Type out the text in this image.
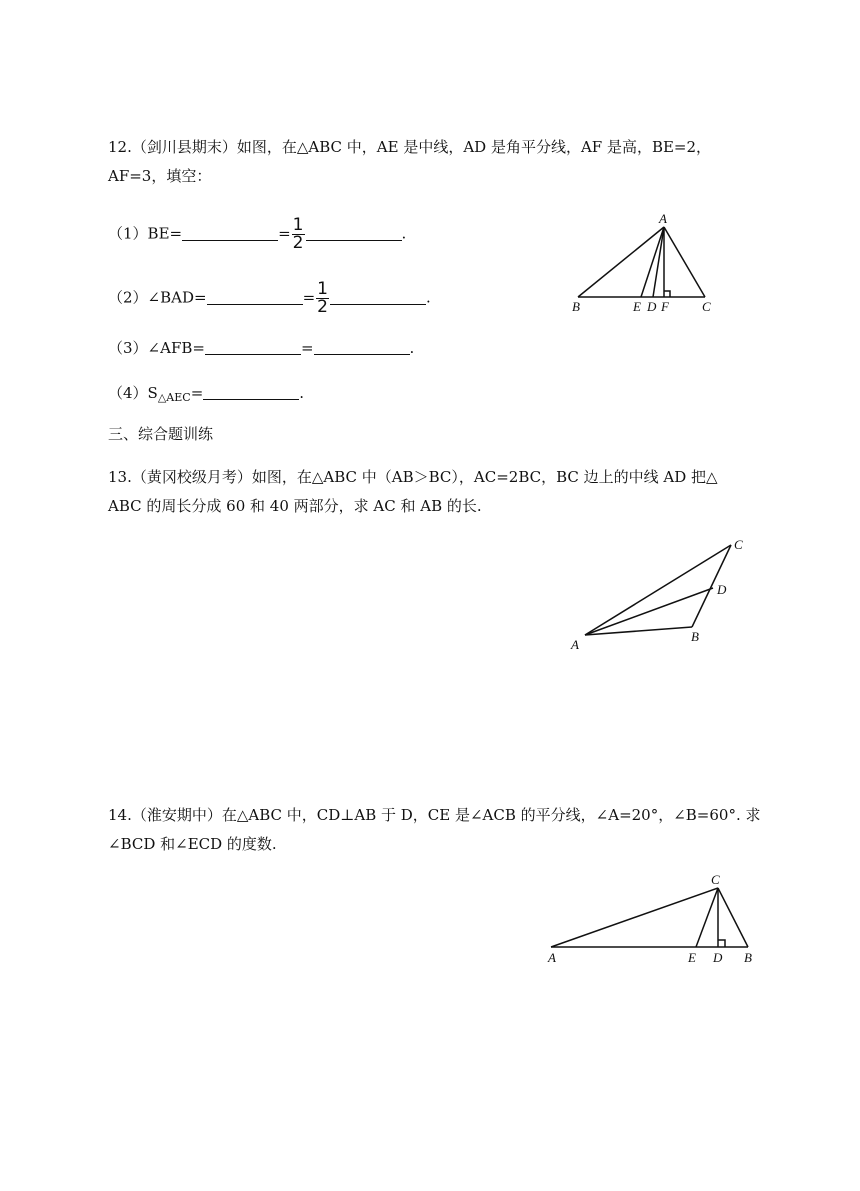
12.（剑川县期末）如图，在△ABC 中，AE 是中线，AD 是角平分线，AF 是高，BE=2，
AF=3，填空：
（1）BE=	= $\frac{1}{2}$	.
（2）∠BAD=	= $\frac{1}{2}$	.
（3）∠AFB=	=	.
$(4)S_{\triangle AEC}=$	.
A
B	E D F	C
三、综合题训练
13.（黄冈校级月考）如图，在△ABC 中（AB＞BC），AC=2BC，BC 边上的中线 AD 把△
ABC 的周长分成 60 和 40 两部分，求 AC 和 AB 的长.
A
B
C
D
14.（淮安期中）在△ABC 中，CD⊥AB 于 D，CE 是∠ACB 的平分线，∠A=20°，∠B=60°. 求
∠BCD 和∠ECD 的度数.
A	E D B
C
